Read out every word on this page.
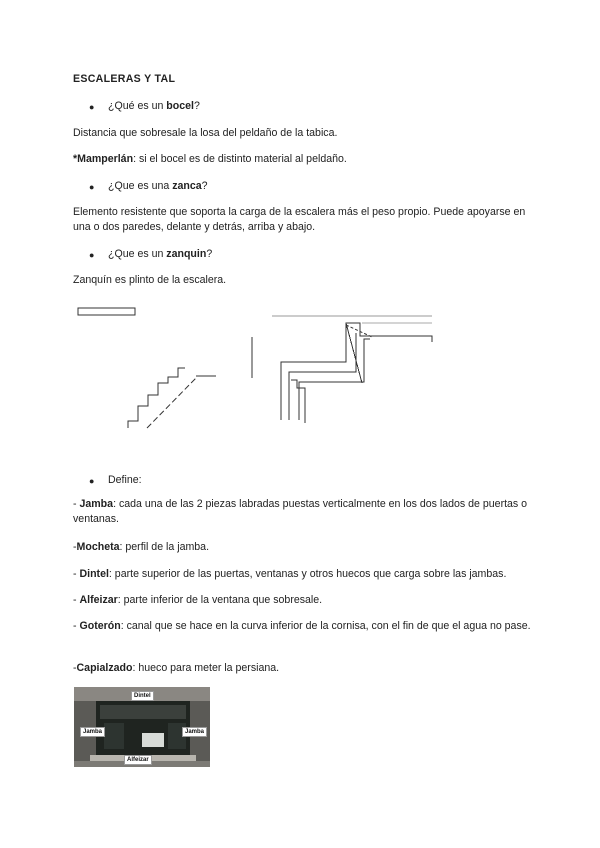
ESCALERAS Y TAL
● ¿Qué es un bocel?
Distancia que sobresale la losa del peldaño de la tabica.
*Mamperlán: si el bocel es de distinto material al peldaño.
● ¿Que es una zanca?
Elemento resistente que soporta la carga de la escalera más el peso propio. Puede apoyarse en una o dos paredes, delante y detrás, arriba y abajo.
● ¿Que es un zanquin?
Zanquín es plinto de la escalera.
● Define:
- Jamba: cada una de las 2 piezas labradas puestas verticalmente en los dos lados de puertas o ventanas.
-Mocheta: perfil de la jamba.
- Dintel: parte superior de las puertas, ventanas y otros huecos que carga sobre las jambas.
- Alfeizar: parte inferior de la ventana que sobresale.
- Goterón: canal que se hace en la curva inferior de la cornisa, con el fin de que el agua no pase.
-Capialzado: hueco para meter la persiana.
Dintel
Jamba	Jamba
Alfeizar
